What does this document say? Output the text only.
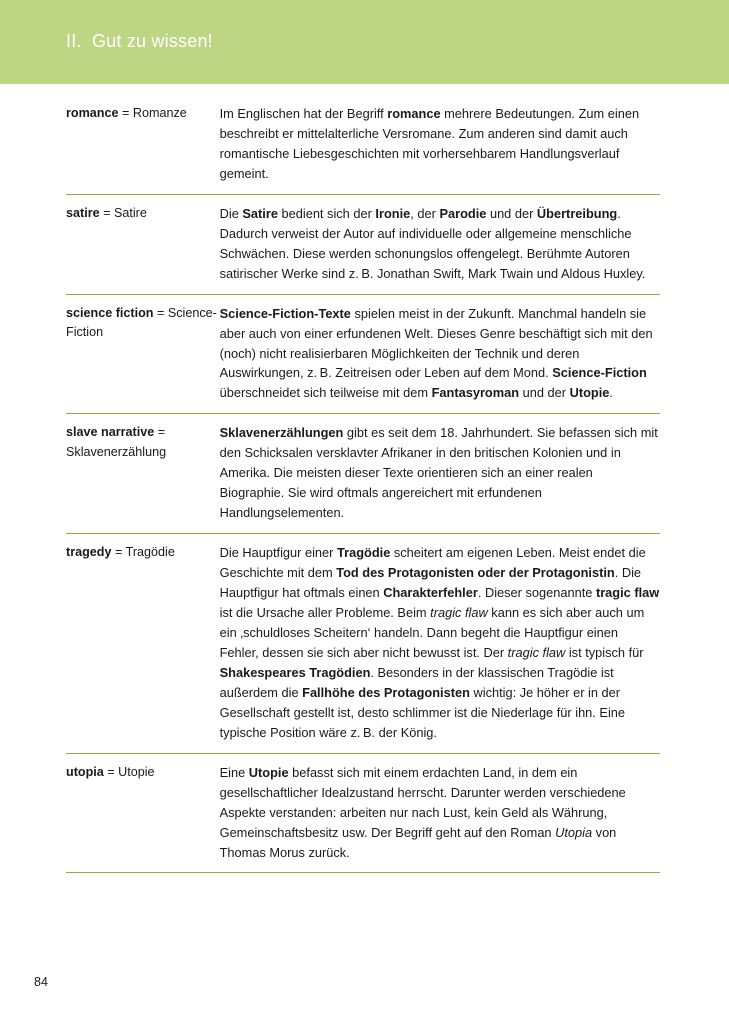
II.  Gut zu wissen!
romance = Romanze	Im Englischen hat der Begriff romance mehrere Bedeutungen. Zum einen beschreibt er mittelalterliche Versromane. Zum anderen sind damit auch romantische Liebesgeschichten mit vorhersehbarem Handlungsverlauf gemeint.
satire = Satire	Die Satire bedient sich der Ironie, der Parodie und der Übertreibung. Dadurch verweist der Autor auf individuelle oder allgemeine menschliche Schwächen. Diese werden schonungslos offengelegt. Berühmte Autoren satirischer Werke sind z. B. Jonathan Swift, Mark Twain und Aldous Huxley.
science fiction = Science-Fiction	Science-Fiction-Texte spielen meist in der Zukunft. Manchmal handeln sie aber auch von einer erfundenen Welt. Dieses Genre beschäftigt sich mit den (noch) nicht realisierbaren Möglichkeiten der Technik und deren Auswirkungen, z. B. Zeitreisen oder Leben auf dem Mond. Science-Fiction überschneidet sich teilweise mit dem Fantasyroman und der Utopie.
slave narrative = Sklavenerzählung	Sklavenerzählungen gibt es seit dem 18. Jahrhundert. Sie befassen sich mit den Schicksalen versklavter Afrikaner in den britischen Kolonien und in Amerika. Die meisten dieser Texte orientieren sich an einer realen Biographie. Sie wird oftmals angereichert mit erfundenen Handlungselementen.
tragedy = Tragödie	Die Hauptfigur einer Tragödie scheitert am eigenen Leben. Meist endet die Geschichte mit dem Tod des Protagonisten oder der Protagonistin. Die Hauptfigur hat oftmals einen Charakterfehler. Dieser sogenannte tragic flaw ist die Ursache aller Probleme. Beim tragic flaw kann es sich aber auch um ein ‚schuldloses Scheitern‘ handeln. Dann begeht die Hauptfigur einen Fehler, dessen sie sich aber nicht bewusst ist. Der tragic flaw ist typisch für Shakespeares Tragödien. Besonders in der klassischen Tragödie ist außerdem die Fallhöhe des Protagonisten wichtig: Je höher er in der Gesellschaft gestellt ist, desto schlimmer ist die Niederlage für ihn. Eine typische Position wäre z. B. der König.
utopia = Utopie	Eine Utopie befasst sich mit einem erdachten Land, in dem ein gesellschaftlicher Idealzustand herrscht. Darunter werden verschiedene Aspekte verstanden: arbeiten nur nach Lust, kein Geld als Währung, Gemeinschaftsbesitz usw. Der Begriff geht auf den Roman Utopia von Thomas Morus zurück.
84
